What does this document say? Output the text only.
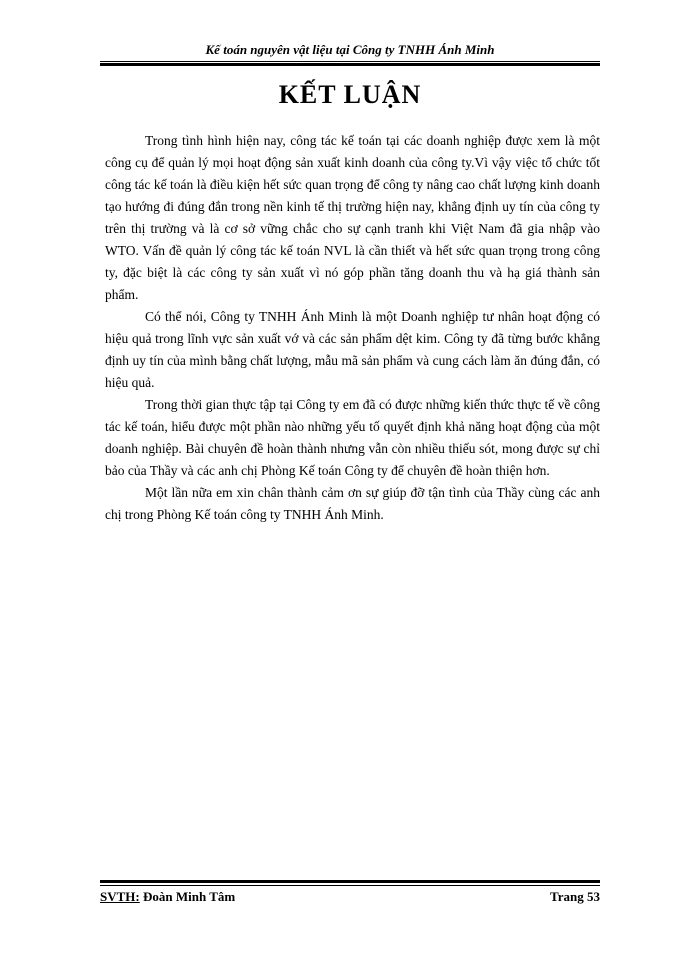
Kế toán nguyên vật liệu tại Công ty TNHH Ánh Minh
KẾT LUẬN

Trong tình hình hiện nay, công tác kế toán tại các doanh nghiệp được xem là một công cụ để quản lý mọi hoạt động sản xuất kinh doanh của công ty.Vì vậy việc tổ chức tốt công tác kế toán là điều kiện hết sức quan trọng để công ty nâng cao chất lượng kinh doanh tạo hướng đi đúng đắn trong nền kinh tế thị trường hiện nay, khẳng định uy tín của công ty trên thị trường và là cơ sở vững chắc cho sự cạnh tranh khi Việt Nam đã gia nhập vào WTO. Vấn đề quản lý công tác kế toán NVL là cần thiết và hết sức quan trọng trong công ty, đặc biệt là các công ty sản xuất vì nó góp phần tăng doanh thu và hạ giá thành sản phẩm.

Có thể nói, Công ty TNHH Ánh Minh là một Doanh nghiệp tư nhân hoạt động có hiệu quả trong lĩnh vực sản xuất vớ và các sản phẩm dệt kim. Công ty đã từng bước khẳng định uy tín của mình bằng chất lượng, mẫu mã sản phẩm và cung cách làm ăn đúng đắn, có hiệu quả.

Trong thời gian thực tập tại Công ty em đã có được những kiến thức thực tế về công tác kế toán, hiểu được một phần nào những yếu tố quyết định khả năng hoạt động của một doanh nghiệp. Bài chuyên đề hoàn thành nhưng vẫn còn nhiều thiếu sót, mong được sự chỉ bảo của Thầy và các anh chị Phòng Kế toán Công ty để chuyên đề hoàn thiện hơn.

Một lần nữa em xin chân thành cảm ơn sự giúp đỡ tận tình của Thầy cùng các anh chị trong Phòng Kế toán công ty TNHH Ánh Minh.

SVTH: Đoàn Minh Tâm	Trang 53
